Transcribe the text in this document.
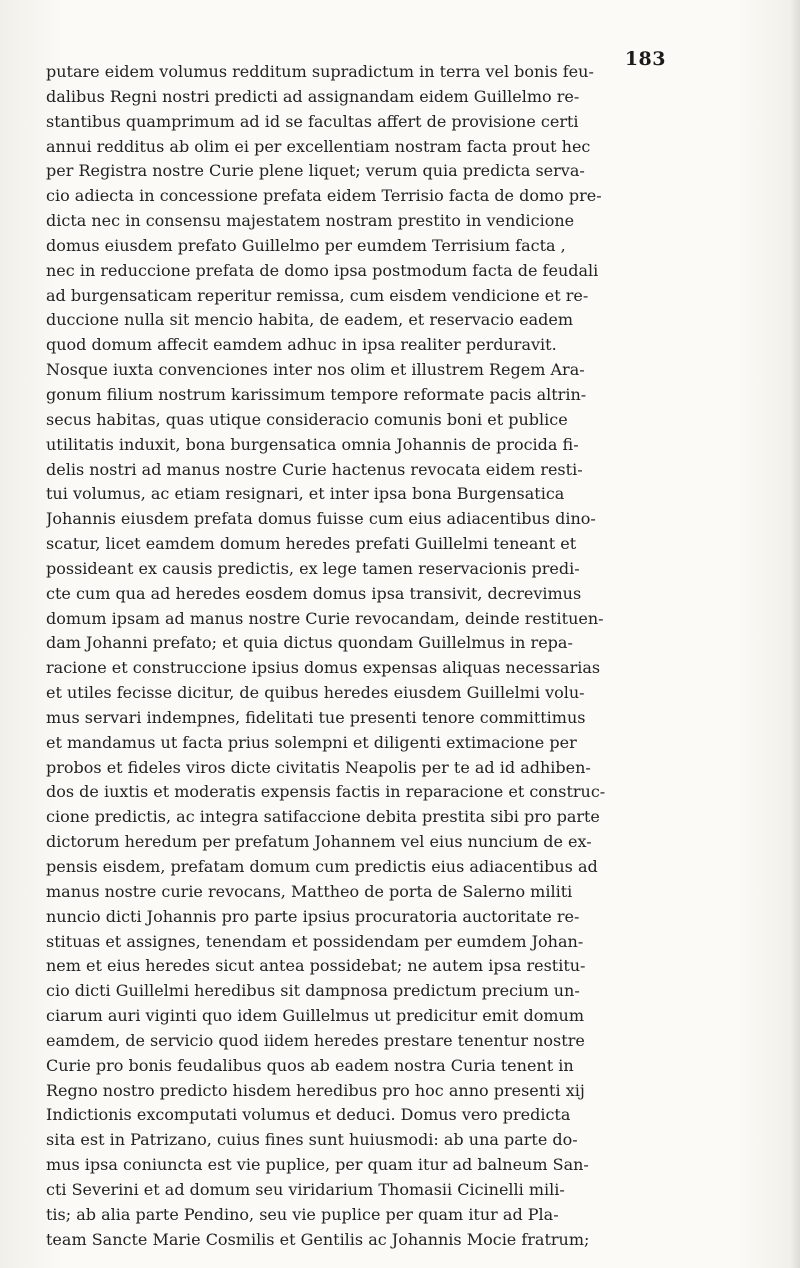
183
putare eidem volumus redditum supradictum in terra vel bonis feu-
dalibus Regni nostri predicti ad assignandam eidem Guillelmo re-
stantibus quamprimum ad id se facultas affert de provisione certi
annui redditus ab olim ei per excellentiam nostram facta prout hec
per Registra nostre Curie plene liquet; verum quia predicta serva-
cio adiecta in concessione prefata eidem Terrisio facta de domo pre-
dicta nec in consensu majestatem nostram prestito in vendicione
domus eiusdem prefato Guillelmo per eumdem Terrisium facta ,
nec in reduccione prefata de domo ipsa postmodum facta de feudali
ad burgensaticam reperitur remissa, cum eisdem vendicione et re-
duccione nulla sit mencio habita, de eadem, et reservacio eadem
quod domum affecit eamdem adhuc in ipsa realiter perduravit.
Nosque iuxta convenciones inter nos olim et illustrem Regem Ara-
gonum filium nostrum karissimum tempore reformate pacis altrin-
secus habitas, quas utique consideracio comunis boni et publice
utilitatis induxit, bona burgensatica omnia Johannis de procida fi-
delis nostri ad manus nostre Curie hactenus revocata eidem resti-
tui volumus, ac etiam resignari, et inter ipsa bona Burgensatica
Johannis eiusdem prefata domus fuisse cum eius adiacentibus dino-
scatur, licet eamdem domum heredes prefati Guillelmi teneant et
possideant ex causis predictis, ex lege tamen reservacionis predi-
cte cum qua ad heredes eosdem domus ipsa transivit, decrevimus
domum ipsam ad manus nostre Curie revocandam, deinde restituen-
dam Johanni prefato; et quia dictus quondam Guillelmus in repa-
racione et construccione ipsius domus expensas aliquas necessarias
et utiles fecisse dicitur, de quibus heredes eiusdem Guillelmi volu-
mus servari indempnes, fidelitati tue presenti tenore committimus
et mandamus ut facta prius solempni et diligenti extimacione per
probos et fideles viros dicte civitatis Neapolis per te ad id adhiben-
dos de iuxtis et moderatis expensis factis in reparacione et construc-
cione predictis, ac integra satifaccione debita prestita sibi pro parte
dictorum heredum per prefatum Johannem vel eius nuncium de ex-
pensis eisdem, prefatam domum cum predictis eius adiacentibus ad
manus nostre curie revocans, Mattheo de porta de Salerno militi
nuncio dicti Johannis pro parte ipsius procuratoria auctoritate re-
stituas et assignes, tenendam et possidendam per eumdem Johan-
nem et eius heredes sicut antea possidebat; ne autem ipsa restitu-
cio dicti Guillelmi heredibus sit dampnosa predictum precium un-
ciarum auri viginti quo idem Guillelmus ut predicitur emit domum
eamdem, de servicio quod iidem heredes prestare tenentur nostre
Curie pro bonis feudalibus quos ab eadem nostra Curia tenent in
Regno nostro predicto hisdem heredibus pro hoc anno presenti xij
Indictionis excomputati volumus et deduci. Domus vero predicta
sita est in Patrizano, cuius fines sunt huiusmodi: ab una parte do-
mus ipsa coniuncta est vie puplice, per quam itur ad balneum San-
cti Severini et ad domum seu viridarium Thomasii Cicinelli mili-
tis; ab alia parte Pendino, seu vie puplice per quam itur ad Pla-
team Sancte Marie Cosmilis et Gentilis ac Johannis Mocie fratrum;
